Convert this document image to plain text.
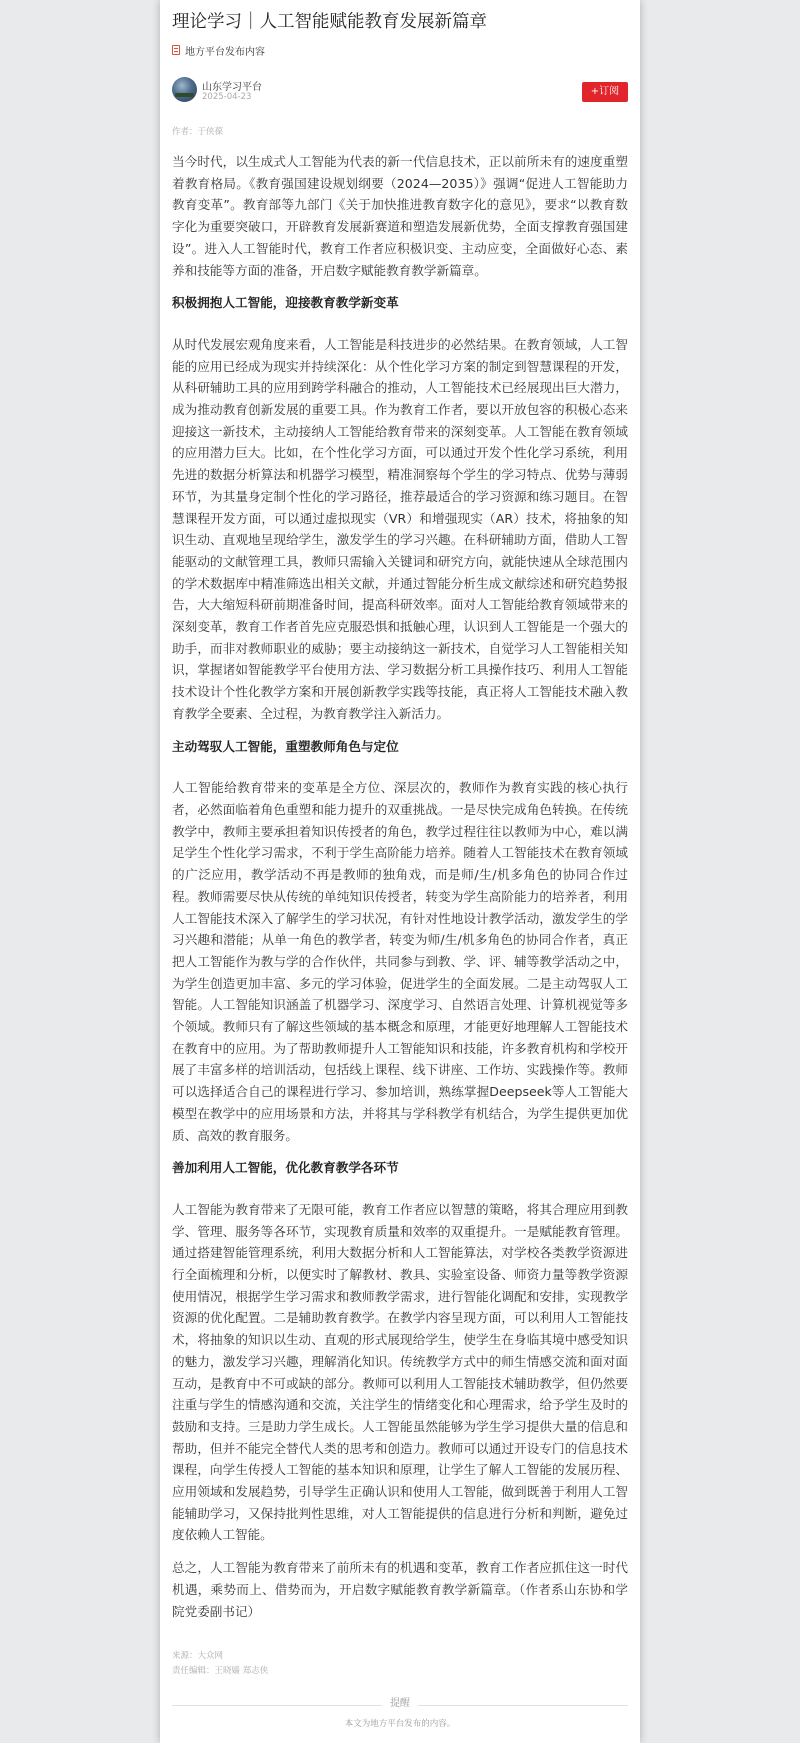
理论学习｜人工智能赋能教育发展新篇章
地方平台发布内容
山东学习平台
2025-04-23	+订阅
作者：于侠葆

当今时代，以生成式人工智能为代表的新一代信息技术，正以前所未有的速度重塑着教育格局。《教育强国建设规划纲要（2024—2035）》强调“促进人工智能助力教育变革”。教育部等九部门《关于加快推进教育数字化的意见》，要求“以教育数字化为重要突破口，开辟教育发展新赛道和塑造发展新优势，全面支撑教育强国建设”。进入人工智能时代，教育工作者应积极识变、主动应变，全面做好心态、素养和技能等方面的准备，开启数字赋能教育教学新篇章。

积极拥抱人工智能，迎接教育教学新变革

从时代发展宏观角度来看，人工智能是科技进步的必然结果。在教育领域，人工智能的应用已经成为现实并持续深化：从个性化学习方案的制定到智慧课程的开发，从科研辅助工具的应用到跨学科融合的推动，人工智能技术已经展现出巨大潜力，成为推动教育创新发展的重要工具。作为教育工作者，要以开放包容的积极心态来迎接这一新技术，主动接纳人工智能给教育带来的深刻变革。人工智能在教育领域的应用潜力巨大。比如，在个性化学习方面，可以通过开发个性化学习系统，利用先进的数据分析算法和机器学习模型，精准洞察每个学生的学习特点、优势与薄弱环节，为其量身定制个性化的学习路径，推荐最适合的学习资源和练习题目。在智慧课程开发方面，可以通过虚拟现实（VR）和增强现实（AR）技术，将抽象的知识生动、直观地呈现给学生，激发学生的学习兴趣。在科研辅助方面，借助人工智能驱动的文献管理工具，教师只需输入关键词和研究方向，就能快速从全球范围内的学术数据库中精准筛选出相关文献，并通过智能分析生成文献综述和研究趋势报告，大大缩短科研前期准备时间，提高科研效率。面对人工智能给教育领域带来的深刻变革，教育工作者首先应克服恐惧和抵触心理，认识到人工智能是一个强大的助手，而非对教师职业的威胁；要主动接纳这一新技术，自觉学习人工智能相关知识，掌握诸如智能教学平台使用方法、学习数据分析工具操作技巧、利用人工智能技术设计个性化教学方案和开展创新教学实践等技能，真正将人工智能技术融入教育教学全要素、全过程，为教育教学注入新活力。

主动驾驭人工智能，重塑教师角色与定位

人工智能给教育带来的变革是全方位、深层次的，教师作为教育实践的核心执行者，必然面临着角色重塑和能力提升的双重挑战。一是尽快完成角色转换。在传统教学中，教师主要承担着知识传授者的角色，教学过程往往以教师为中心，难以满足学生个性化学习需求，不利于学生高阶能力培养。随着人工智能技术在教育领域的广泛应用，教学活动不再是教师的独角戏，而是师/生/机多角色的协同合作过程。教师需要尽快从传统的单纯知识传授者，转变为学生高阶能力的培养者，利用人工智能技术深入了解学生的学习状况，有针对性地设计教学活动，激发学生的学习兴趣和潜能；从单一角色的教学者，转变为师/生/机多角色的协同合作者，真正把人工智能作为教与学的合作伙伴，共同参与到教、学、评、辅等教学活动之中，为学生创造更加丰富、多元的学习体验，促进学生的全面发展。二是主动驾驭人工智能。人工智能知识涵盖了机器学习、深度学习、自然语言处理、计算机视觉等多个领域。教师只有了解这些领域的基本概念和原理，才能更好地理解人工智能技术在教育中的应用。为了帮助教师提升人工智能知识和技能，许多教育机构和学校开展了丰富多样的培训活动，包括线上课程、线下讲座、工作坊、实践操作等。教师可以选择适合自己的课程进行学习、参加培训，熟练掌握Deepseek等人工智能大模型在教学中的应用场景和方法，并将其与学科教学有机结合，为学生提供更加优质、高效的教育服务。

善加利用人工智能，优化教育教学各环节

人工智能为教育带来了无限可能，教育工作者应以智慧的策略，将其合理应用到教学、管理、服务等各环节，实现教育质量和效率的双重提升。一是赋能教育管理。通过搭建智能管理系统，利用大数据分析和人工智能算法，对学校各类教学资源进行全面梳理和分析，以便实时了解教材、教具、实验室设备、师资力量等教学资源使用情况，根据学生学习需求和教师教学需求，进行智能化调配和安排，实现教学资源的优化配置。二是辅助教育教学。在教学内容呈现方面，可以利用人工智能技术，将抽象的知识以生动、直观的形式展现给学生，使学生在身临其境中感受知识的魅力，激发学习兴趣，理解消化知识。传统教学方式中的师生情感交流和面对面互动，是教育中不可或缺的部分。教师可以利用人工智能技术辅助教学，但仍然要注重与学生的情感沟通和交流，关注学生的情绪变化和心理需求，给予学生及时的鼓励和支持。三是助力学生成长。人工智能虽然能够为学生学习提供大量的信息和帮助，但并不能完全替代人类的思考和创造力。教师可以通过开设专门的信息技术课程，向学生传授人工智能的基本知识和原理，让学生了解人工智能的发展历程、应用领域和发展趋势，引导学生正确认识和使用人工智能，做到既善于利用人工智能辅助学习，又保持批判性思维，对人工智能提供的信息进行分析和判断，避免过度依赖人工智能。

总之，人工智能为教育带来了前所未有的机遇和变革，教育工作者应抓住这一时代机遇，乘势而上、借势而为，开启数字赋能教育教学新篇章。（作者系山东协和学院党委副书记）

来源：大众网
责任编辑：王晓嫱 郑志侠
提醒
本文为地方平台发布的内容。
